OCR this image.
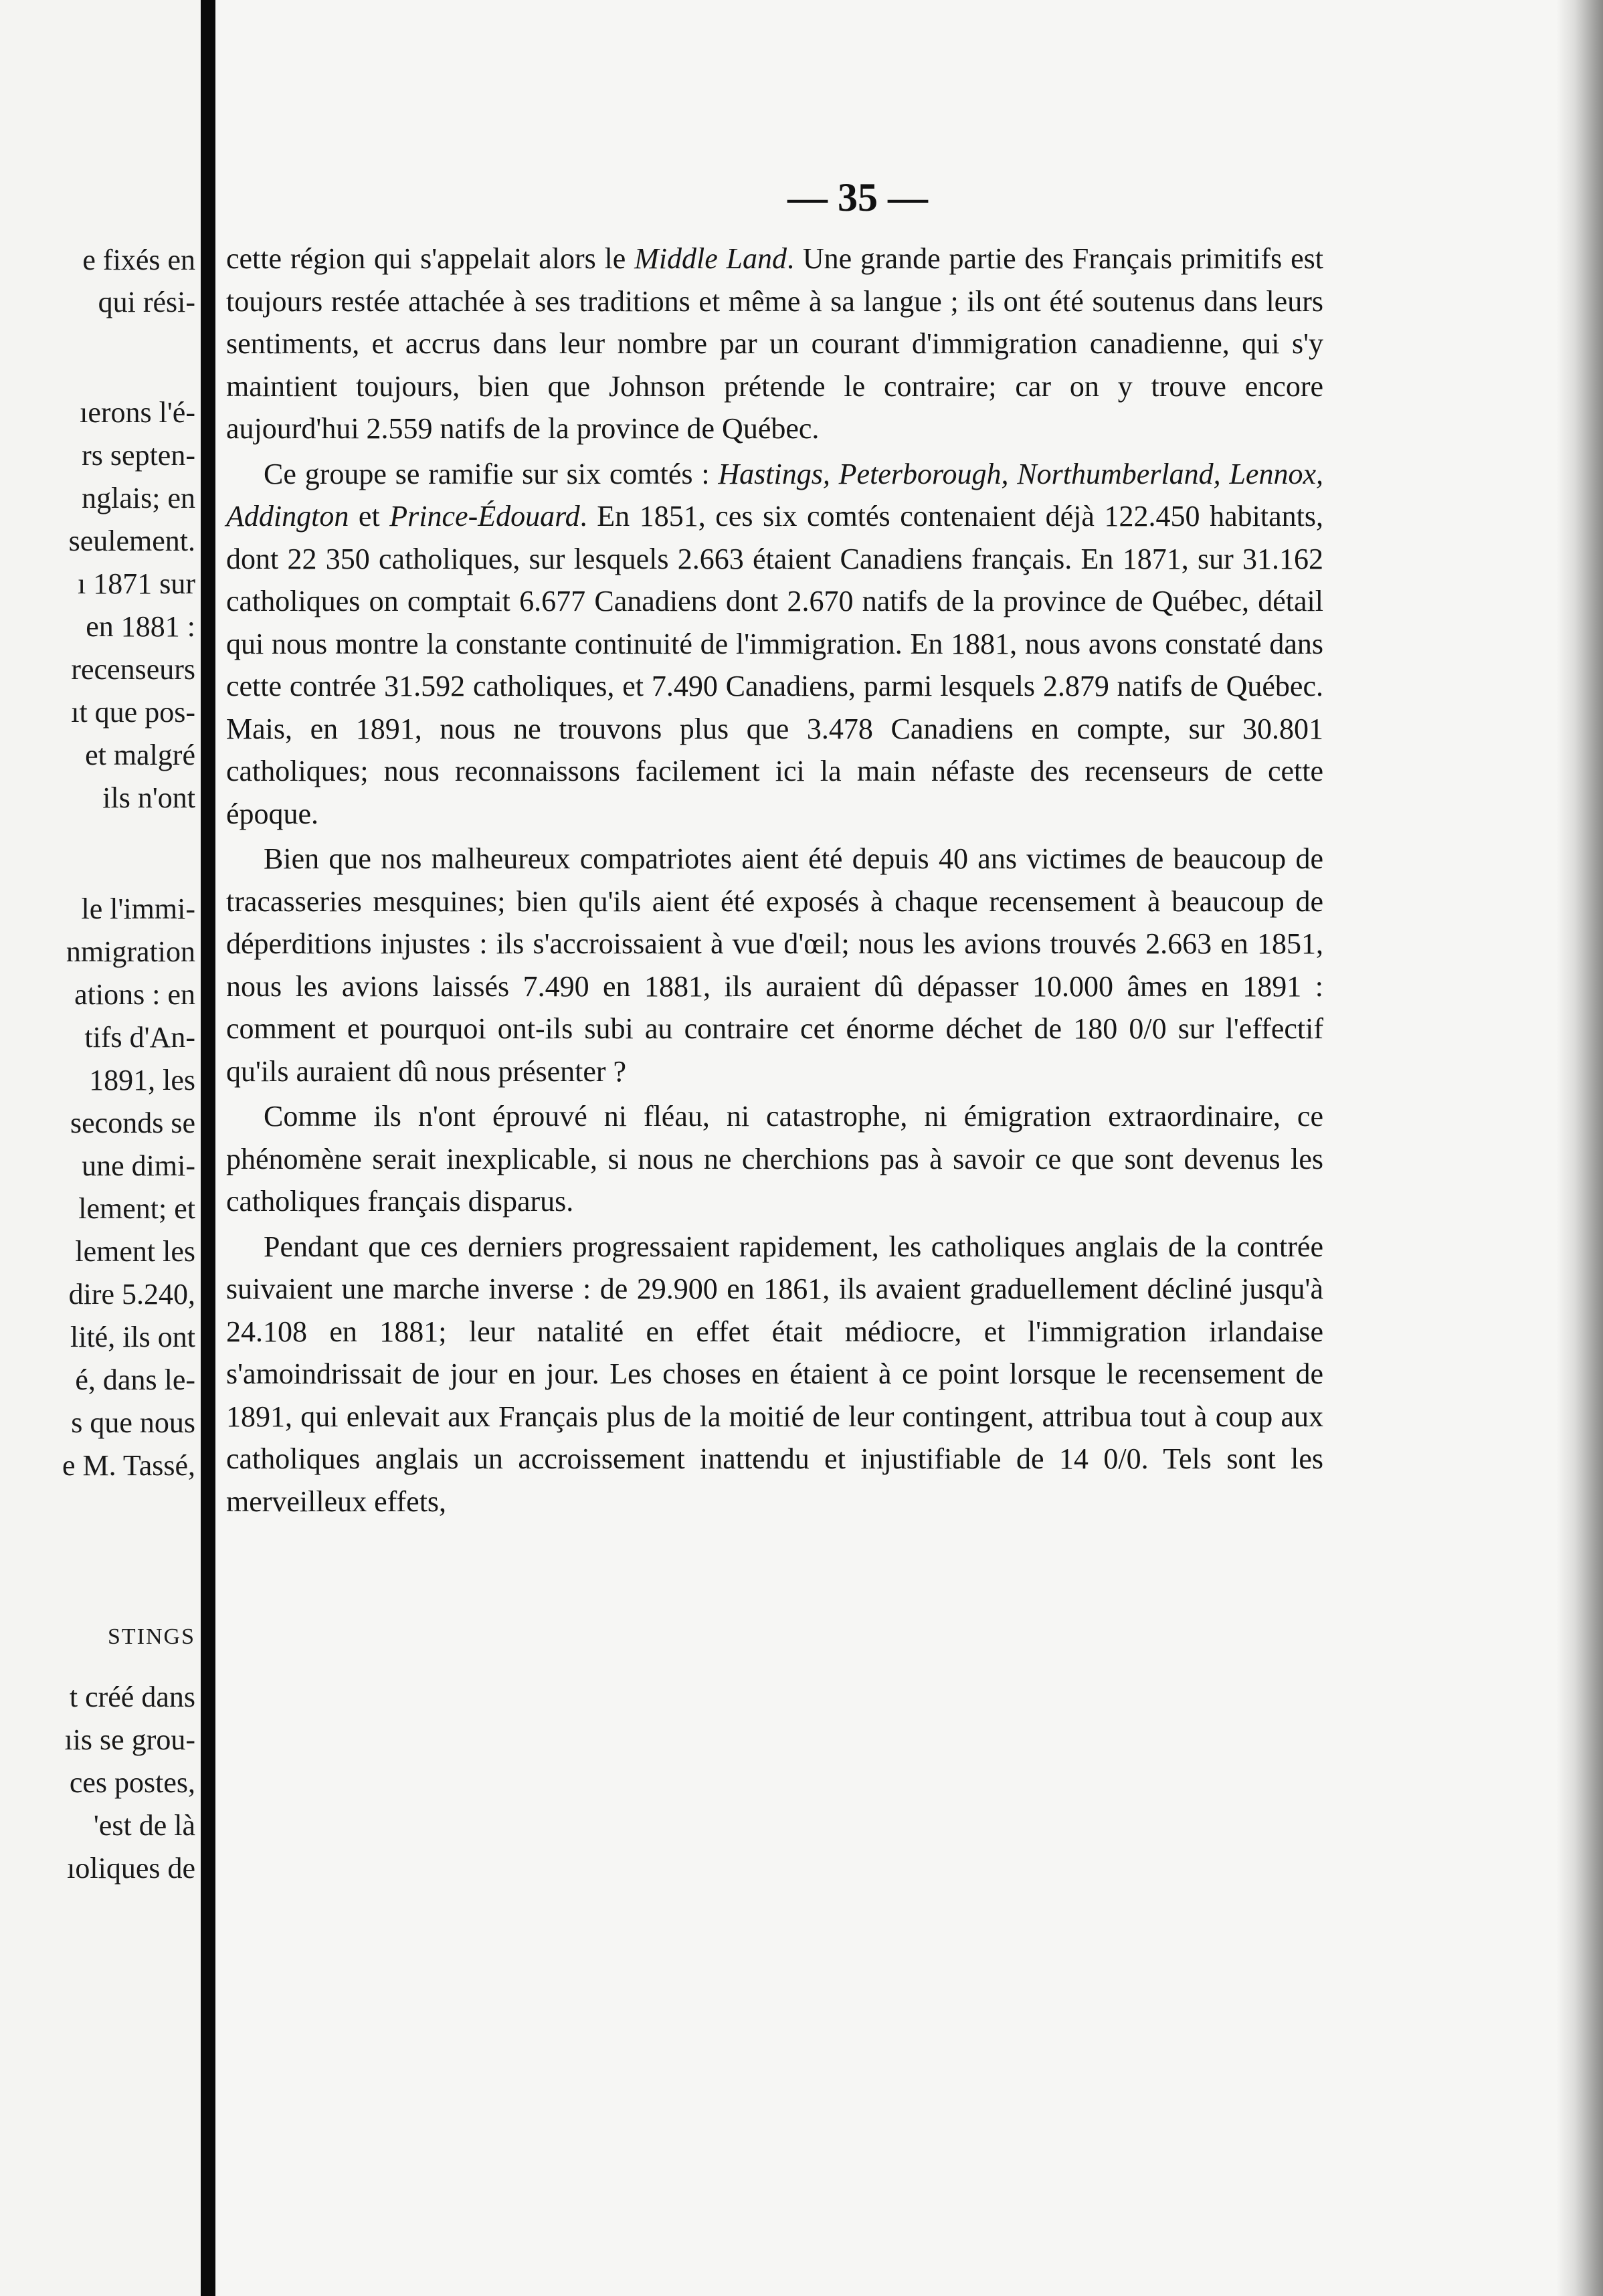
e fixés en

qui rési-

ıerons l'é-

rs septen-

nglais; en

seulement.

ı 1871 sur

en 1881 :

recenseurs

ıt que pos-

et malgré

ils n'ont

le l'immi-

nmigration

ations : en

tifs d'An-

1891, les

seconds se

une dimi-

lement; et

lement les

dire 5.240,

lité, ils ont

é, dans le-

s que nous

e M. Tassé,

STINGS

t créé dans

ıis se grou-

ces postes,

'est de là

ıoliques de

— 35 —

cette région qui s'appelait alors le Middle Land. Une grande partie des Français primitifs est toujours restée attachée à ses traditions et même à sa langue ; ils ont été soutenus dans leurs sentiments, et accrus dans leur nombre par un courant d'immigration canadienne, qui s'y maintient toujours, bien que Johnson prétende le contraire; car on y trouve encore aujourd'hui 2.559 natifs de la province de Québec.

Ce groupe se ramifie sur six comtés : Hastings, Peterborough, Northumberland, Lennox, Addington et Prince-Édouard. En 1851, ces six comtés contenaient déjà 122.450 habitants, dont 22 350 catholiques, sur lesquels 2.663 étaient Canadiens français. En 1871, sur 31.162 catholiques on comptait 6.677 Canadiens dont 2.670 natifs de la province de Québec, détail qui nous montre la constante continuité de l'immigration. En 1881, nous avons constaté dans cette contrée 31.592 catholiques, et 7.490 Canadiens, parmi lesquels 2.879 natifs de Québec. Mais, en 1891, nous ne trouvons plus que 3.478 Canadiens en compte, sur 30.801 catholiques; nous reconnaissons facilement ici la main néfaste des recenseurs de cette époque.

Bien que nos malheureux compatriotes aient été depuis 40 ans victimes de beaucoup de tracasseries mesquines; bien qu'ils aient été exposés à chaque recensement à beaucoup de déperditions injustes : ils s'accroissaient à vue d'œil; nous les avions trouvés 2.663 en 1851, nous les avions laissés 7.490 en 1881, ils auraient dû dépasser 10.000 âmes en 1891 : comment et pourquoi ont-ils subi au contraire cet énorme déchet de 180 0/0 sur l'effectif qu'ils auraient dû nous présenter ?

Comme ils n'ont éprouvé ni fléau, ni catastrophe, ni émigration extraordinaire, ce phénomène serait inexplicable, si nous ne cherchions pas à savoir ce que sont devenus les catholiques français disparus.

Pendant que ces derniers progressaient rapidement, les catholiques anglais de la contrée suivaient une marche inverse : de 29.900 en 1861, ils avaient graduellement décliné jusqu'à 24.108 en 1881; leur natalité en effet était médiocre, et l'immigration irlandaise s'amoindrissait de jour en jour. Les choses en étaient à ce point lorsque le recensement de 1891, qui enlevait aux Français plus de la moitié de leur contingent, attribua tout à coup aux catholiques anglais un accroissement inattendu et injustifiable de 14 0/0. Tels sont les merveilleux effets,
